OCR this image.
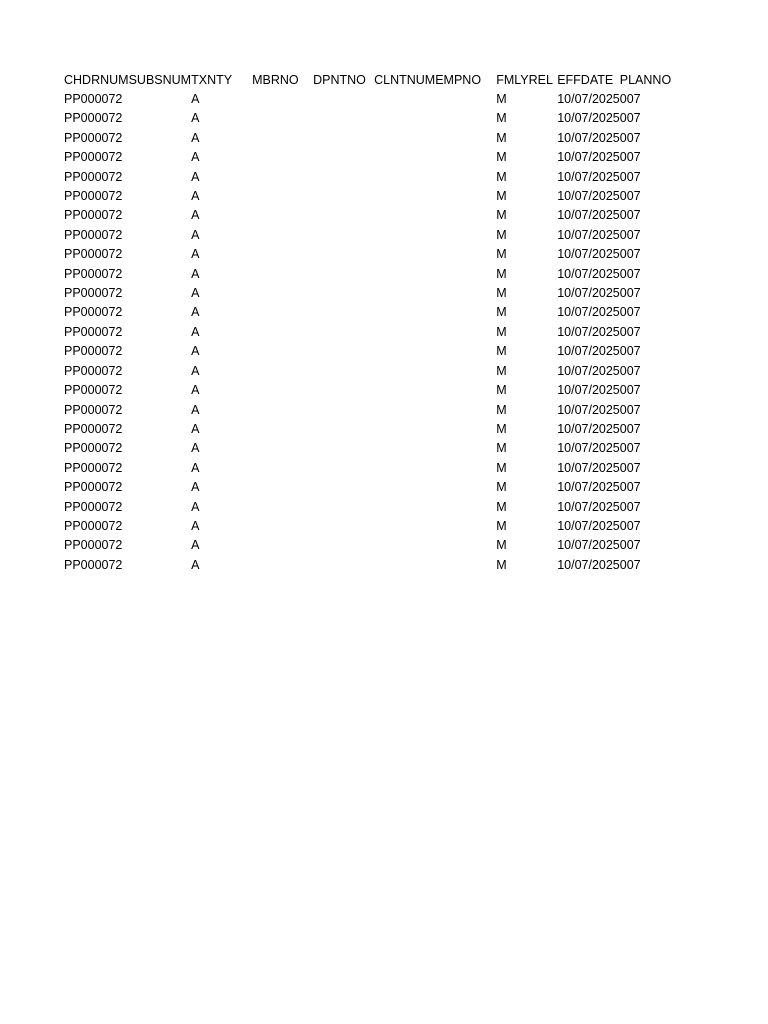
CHDRNUM	SUBSNUM	TXNTY	MBRNO	DPNTNO	CLNTNUM	EMPNO	FMLYREL	EFFDATE	PLANNO
PP000072		A					M	10/07/2025	007
PP000072		A					M	10/07/2025	007
PP000072		A					M	10/07/2025	007
PP000072		A					M	10/07/2025	007
PP000072		A					M	10/07/2025	007
PP000072		A					M	10/07/2025	007
PP000072		A					M	10/07/2025	007
PP000072		A					M	10/07/2025	007
PP000072		A					M	10/07/2025	007
PP000072		A					M	10/07/2025	007
PP000072		A					M	10/07/2025	007
PP000072		A					M	10/07/2025	007
PP000072		A					M	10/07/2025	007
PP000072		A					M	10/07/2025	007
PP000072		A					M	10/07/2025	007
PP000072		A					M	10/07/2025	007
PP000072		A					M	10/07/2025	007
PP000072		A					M	10/07/2025	007
PP000072		A					M	10/07/2025	007
PP000072		A					M	10/07/2025	007
PP000072		A					M	10/07/2025	007
PP000072		A					M	10/07/2025	007
PP000072		A					M	10/07/2025	007
PP000072		A					M	10/07/2025	007
PP000072		A					M	10/07/2025	007
